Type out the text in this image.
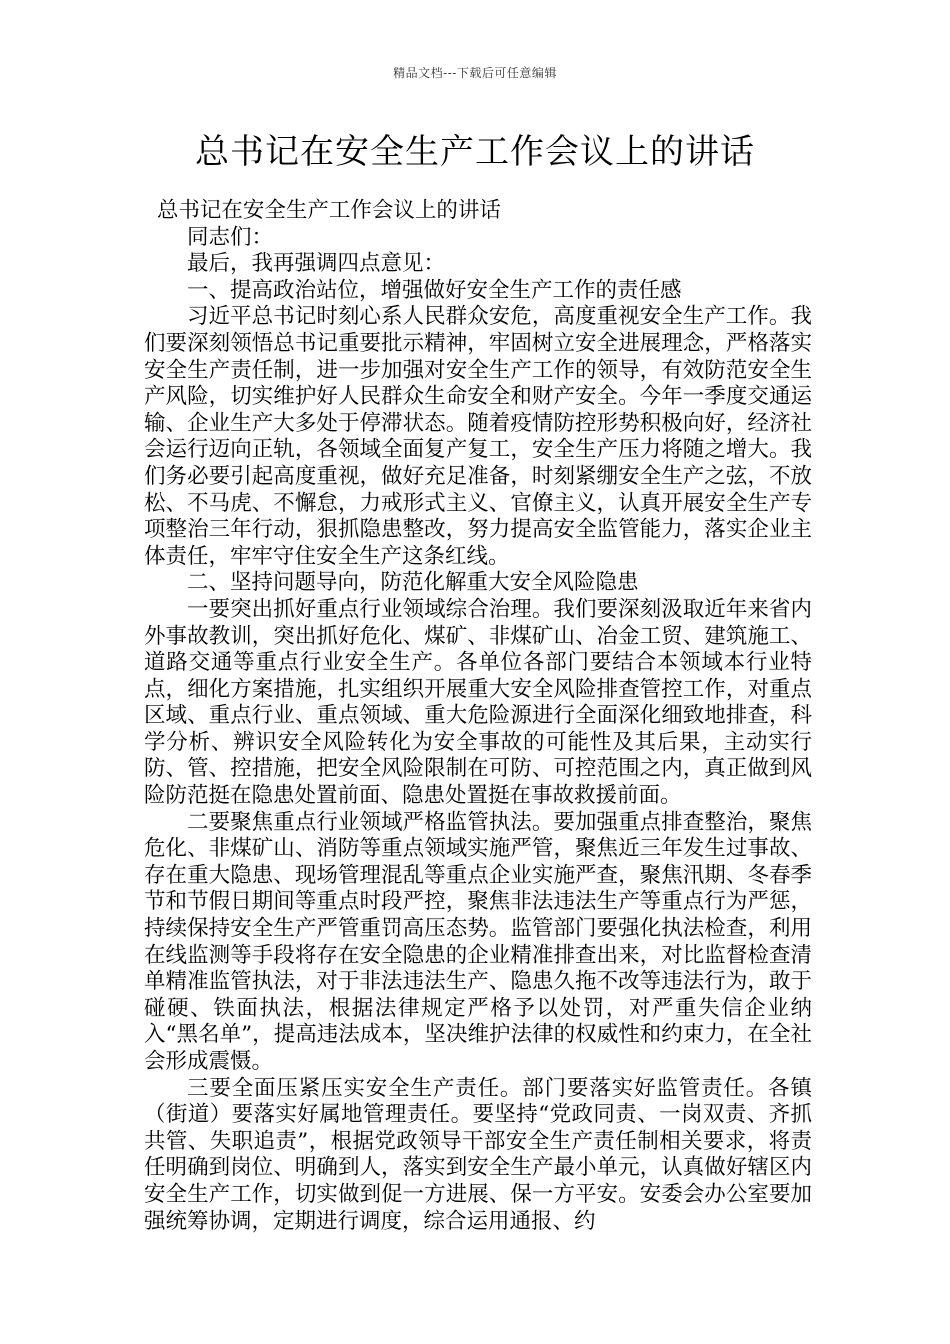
精品文档---下载后可任意编辑
总书记在安全生产工作会议上的讲话

总书记在安全生产工作会议上的讲话

同志们：

最后，我再强调四点意见：

一、提高政治站位，增强做好安全生产工作的责任感

习近平总书记时刻心系人民群众安危，高度重视安全生产工作。我们要深刻领悟总书记重要批示精神，牢固树立安全进展理念，严格落实安全生产责任制，进一步加强对安全生产工作的领导，有效防范安全生产风险，切实维护好人民群众生命安全和财产安全。今年一季度交通运输、企业生产大多处于停滞状态。随着疫情防控形势积极向好，经济社会运行迈向正轨，各领域全面复产复工，安全生产压力将随之增大。我们务必要引起高度重视，做好充足准备，时刻紧绷安全生产之弦，不放松、不马虎、不懈怠，力戒形式主义、官僚主义，认真开展安全生产专项整治三年行动，狠抓隐患整改，努力提高安全监管能力，落实企业主体责任，牢牢守住安全生产这条红线。

二、坚持问题导向，防范化解重大安全风险隐患

一要突出抓好重点行业领域综合治理。我们要深刻汲取近年来省内外事故教训，突出抓好危化、煤矿、非煤矿山、冶金工贸、建筑施工、道路交通等重点行业安全生产。各单位各部门要结合本领域本行业特点，细化方案措施，扎实组织开展重大安全风险排查管控工作，对重点区域、重点行业、重点领域、重大危险源进行全面深化细致地排查，科学分析、辨识安全风险转化为安全事故的可能性及其后果，主动实行防、管、控措施，把安全风险限制在可防、可控范围之内，真正做到风险防范挺在隐患处置前面、隐患处置挺在事故救援前面。

二要聚焦重点行业领域严格监管执法。要加强重点排查整治，聚焦危化、非煤矿山、消防等重点领域实施严管，聚焦近三年发生过事故、存在重大隐患、现场管理混乱等重点企业实施严查，聚焦汛期、冬春季节和节假日期间等重点时段严控，聚焦非法违法生产等重点行为严惩，持续保持安全生产严管重罚高压态势。监管部门要强化执法检查，利用在线监测等手段将存在安全隐患的企业精准排查出来，对比监督检查清单精准监管执法，对于非法违法生产、隐患久拖不改等违法行为，敢于碰硬、铁面执法，根据法律规定严格予以处罚，对严重失信企业纳入“黑名单”，提高违法成本，坚决维护法律的权威性和约束力，在全社会形成震慑。

三要全面压紧压实安全生产责任。部门要落实好监管责任。各镇（街道）要落实好属地管理责任。要坚持“党政同责、一岗双责、齐抓共管、失职追责”，根据党政领导干部安全生产责任制相关要求，将责任明确到岗位、明确到人，落实到安全生产最小单元，认真做好辖区内安全生产工作，切实做到促一方进展、保一方平安。安委会办公室要加强统筹协调，定期进行调度，综合运用通报、约
